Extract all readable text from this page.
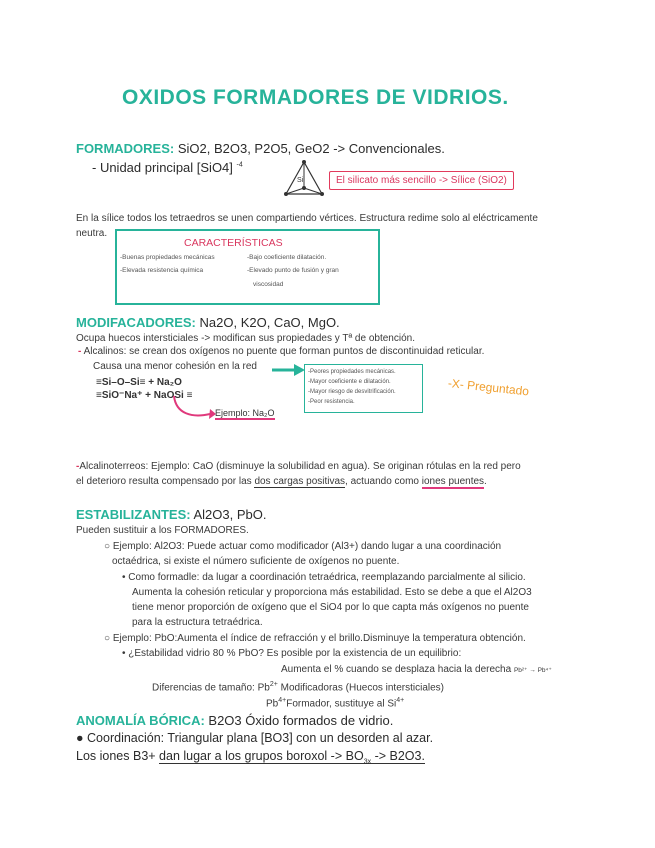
OXIDOS FORMADORES DE VIDRIOS.
FORMADORES: SiO2, B2O3, P2O5, GeO2 -> Convencionales.
- Unidad principal [SiO4] $^{-4}$
Si	El silicato más sencillo -> Sílice (SiO2)
En la sílice todos los tetraedros se unen compartiendo vértices. Estructura redime solo al eléctricamente
neutra.
CARACTERÍSTICAS
-Buenas propiedades mecánicas
-Elevada resistencia química
-Bajo coeficiente dilatación.
-Elevado punto de fusión y gran
viscosidad
MODIFACADORES: Na2O, K2O, CaO, MgO.
Ocupa huecos intersticiales -> modifican sus propiedades y Tª de obtención.
- Alcalinos: se crean dos oxígenos no puente que forman puntos de discontinuidad reticular.
Causa una menor cohesión en la red
≡Si–O–Si≡ + Na₂O
≡SiO⁻Na⁺ + NaOSi ≡
Ejemplo: Na₂O
-Peores propiedades mecánicas.
-Mayor coeficiente e dilatación.
-Mayor riesgo de desvitrificación.
-Peor resistencia.
-X- Preguntado
-Alcalinoterreos: Ejemplo: CaO (disminuye la solubilidad en agua). Se originan rótulas en la red pero
el deterioro resulta compensado por las dos cargas positivas, actuando como iones puentes.
ESTABILIZANTES: Al2O3, PbO.
Pueden sustituir a los FORMADORES.
○ Ejemplo: Al2O3: Puede actuar como modificador (Al3+) dando lugar a una coordinación
octaédrica, si existe el número suficiente de oxígenos no puente.
• Como formadle: da lugar a coordinación tetraédrica, reemplazando parcialmente al silicio.
Aumenta la cohesión reticular y proporciona más estabilidad. Esto se debe a que el Al2O3
tiene menor proporción de oxígeno que el SiO4 por lo que capta más oxígenos no puente
para la estructura tetraédrica.
○ Ejemplo: PbO:Aumenta el índice de refracción y el brillo.Disminuye la temperatura obtención.
• ¿Estabilidad vidrio 80 % PbO? Es posible por la existencia de un equilibrio:
Aumenta el % cuando se desplaza hacia la derecha Pb²⁺ → Pb⁴⁺
Diferencias de tamaño: $Pb^{2+}$ Modificadoras (Huecos intersticiales)
$Pb^{4+}Formador$, sustituye al $Si^{4+}$
ANOMALÍA BÓRICA: B2O3 Óxido formados de vidrio.
● Coordinación: Triangular plana [BO3] con un desorden al azar.
Los iones B3+ dan lugar a los grupos boroxol -> $BO_{3x} -> B2O3$.
